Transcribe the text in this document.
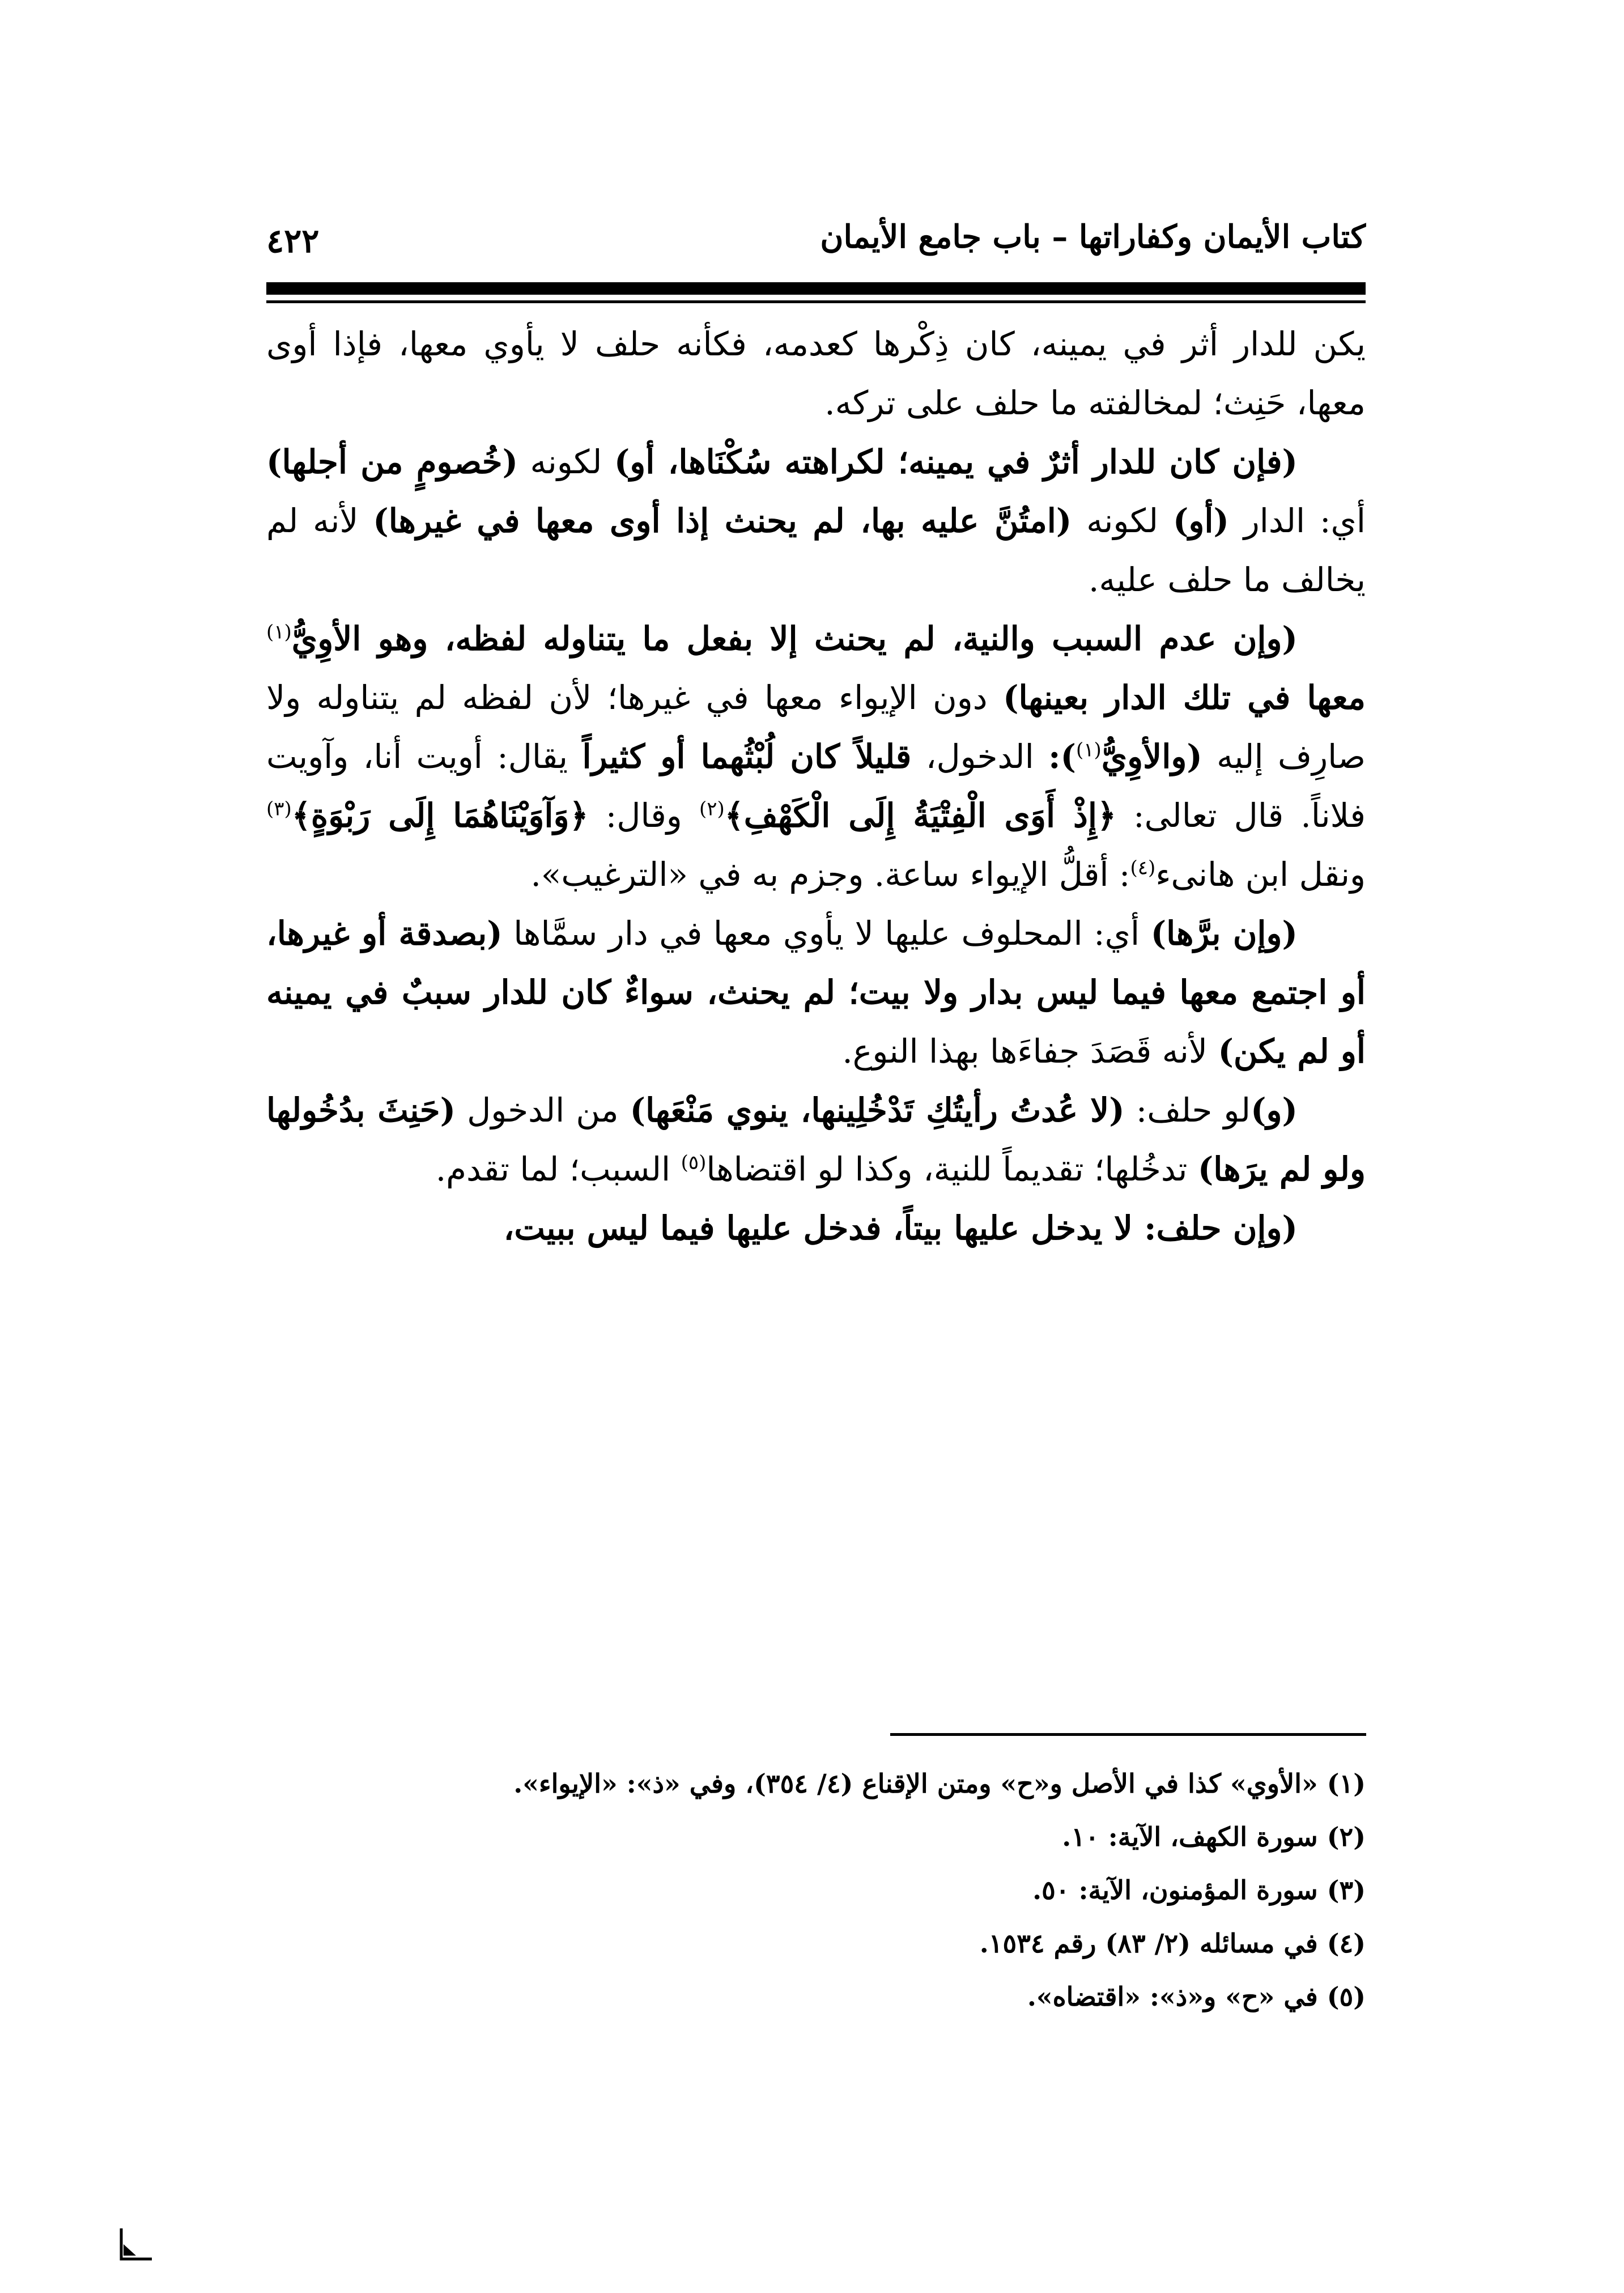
كتاب الأيمان وكفاراتها – باب جامع الأيمان
٤٢٢

يكن للدار أثر في يمينه، كان ذِكْرها كعدمه، فكأنه حلف لا يأوي معها، فإذا أوى معها، حَنِث؛ لمخالفته ما حلف على تركه.

(فإن كان للدار أثرٌ في يمينه؛ لكراهته سُكْنَاها، أو) لكونه (خُصومٍ من أجلها) أي: الدار (أو) لكونه (امتُنَّ عليه بها، لم يحنث إذا أوى معها في غيرها) لأنه لم يخالف ما حلف عليه.

(وإن عدم السبب والنية، لم يحنث إلا بفعل ما يتناوله لفظه، وهو الأوِيُّ$^{(١)}$ معها في تلك الدار بعينها) دون الإيواء معها في غيرها؛ لأن لفظه لم يتناوله ولا صارِف إليه (والأوِيُّ$^{(١)}$): الدخول، قليلاً كان لُبْثُهما أو كثيراً يقال: أويت أنا، وآويت فلاناً. قال تعالى: ﴿إِذْ أَوَى الْفِتْيَةُ إِلَى الْكَهْفِ﴾$^{(٢)}$ وقال: ﴿وَآوَيْنَاهُمَا إِلَى رَبْوَةٍ﴾$^{(٣)}$ ونقل ابن هانىء$^{(٤)}$: أقلُّ الإيواء ساعة. وجزم به في «الترغيب».

(وإن برَّها) أي: المحلوف عليها لا يأوي معها في دار سمَّاها (بصدقة أو غيرها، أو اجتمع معها فيما ليس بدار ولا بيت؛ لم يحنث، سواءٌ كان للدار سببٌ في يمينه أو لم يكن) لأنه قَصَدَ جفاءَها بهذا النوع.

(و)لو حلف: (لا عُدتُ رأيتُكِ تَدْخُلِينها، ينوي مَنْعَها) من الدخول (حَنِثَ بدُخُولها ولو لم يرَها) تدخُلها؛ تقديماً للنية، وكذا لو اقتضاها$^{(٥)}$ السبب؛ لما تقدم.

(وإن حلف: لا يدخل عليها بيتاً، فدخل عليها فيما ليس ببيت،

(١) «الأوي» كذا في الأصل و«ح» ومتن الإقناع (٤/ ٣٥٤)، وفي «ذ»: «الإيواء».

(٢) سورة الكهف، الآية: ١٠.

(٣) سورة المؤمنون، الآية: ٥٠.

(٤) في مسائله (٢/ ٨٣) رقم ١٥٣٤.

(٥) في «ح» و«ذ»: «اقتضاه».
